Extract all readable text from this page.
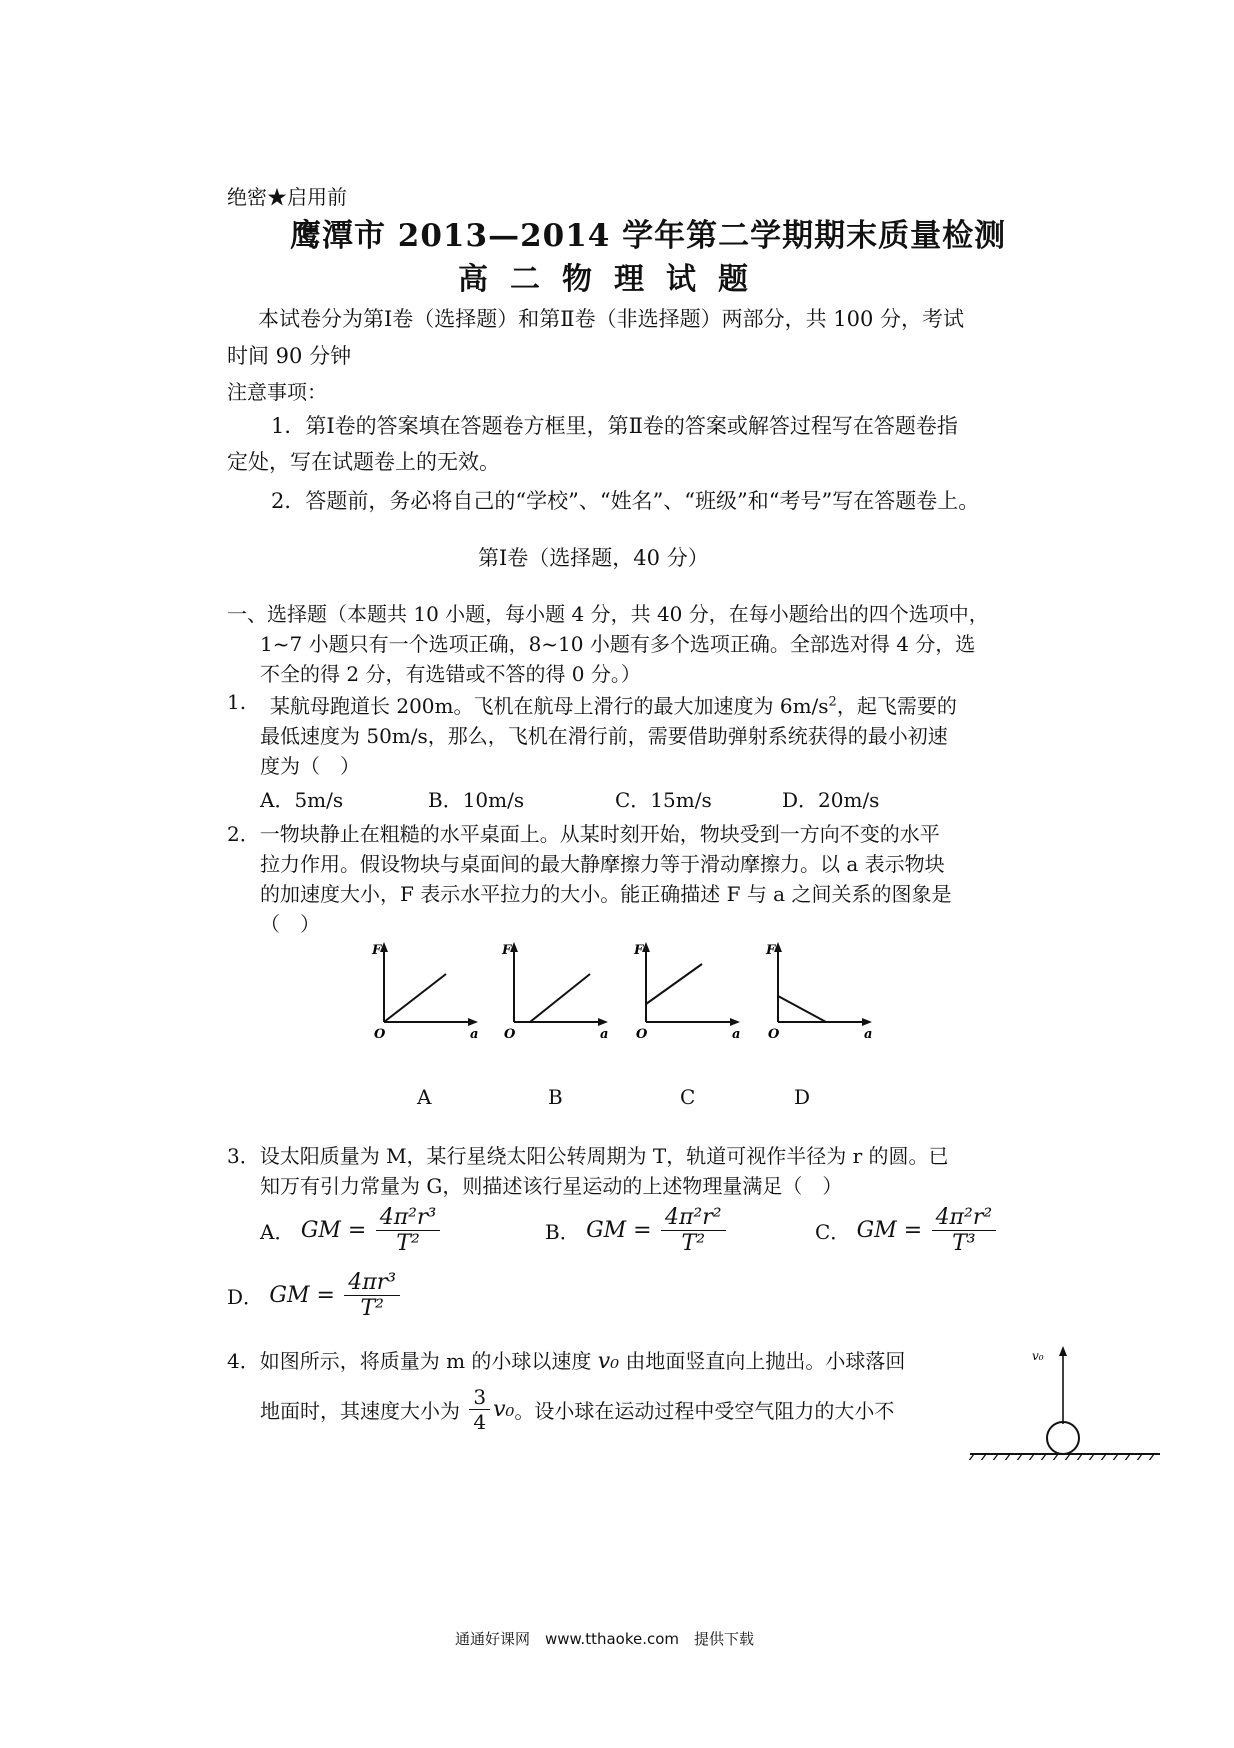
绝密★启用前
鹰潭市 2013—2014 学年第二学期期末质量检测
高二物理试题
本试卷分为第Ⅰ卷（选择题）和第Ⅱ卷（非选择题）两部分，共 100 分，考试
时间 90 分钟
注意事项：
1．第Ⅰ卷的答案填在答题卷方框里，第Ⅱ卷的答案或解答过程写在答题卷指
定处，写在试题卷上的无效。
2．答题前，务必将自己的“学校”、“姓名”、“班级”和“考号”写在答题卷上。
第Ⅰ卷（选择题，40 分）
一、选择题（本题共 10 小题，每小题 4 分，共 40 分，在每小题给出的四个选项中，
1~7 小题只有一个选项正确，8~10 小题有多个选项正确。全部选对得 4 分，选
不全的得 2 分，有选错或不答的得 0 分。）
1. 某航母跑道长 200m。飞机在航母上滑行的最大加速度为 $6m/s^2$，起飞需要的
最低速度为 50m/s，那么，飞机在滑行前，需要借助弹射系统获得的最小初速
度为（　）
A．5m/s	B．10m/s	C．15m/s	D．20m/s
2．一物块静止在粗糙的水平桌面上。从某时刻开始，物块受到一方向不变的水平
拉力作用。假设物块与桌面间的最大静摩擦力等于滑动摩擦力。以 a 表示物块
的加速度大小，F 表示水平拉力的大小。能正确描述 F 与 a 之间关系的图象是
（　）
F
O	a
F
O	a
F
O	a
F
O	a
A	B	C	D
3．设太阳质量为 M，某行星绕太阳公转周期为 T，轨道可视作半径为 r 的圆。已
知万有引力常量为 G，则描述该行星运动的上述物理量满足（　）
A． GM = $\frac{\text{4π²r³}}{\text{T²}}$	B． GM = $\frac{\text{4π²r²}}{\text{T²}}$	C． GM = $\frac{\text{4π²r²}}{\text{T³}}$
D． GM = $\frac{\text{4πr³}}{\text{T²}}$
4．如图所示，将质量为 m 的小球以速度 v₀ 由地面竖直向上抛出。小球落回
地面时，其速度大小为 $\frac{3}{4} v_0$。设小球在运动过程中受空气阻力的大小不
v₀
通通好课网　www.tthaoke.com　提供下载
